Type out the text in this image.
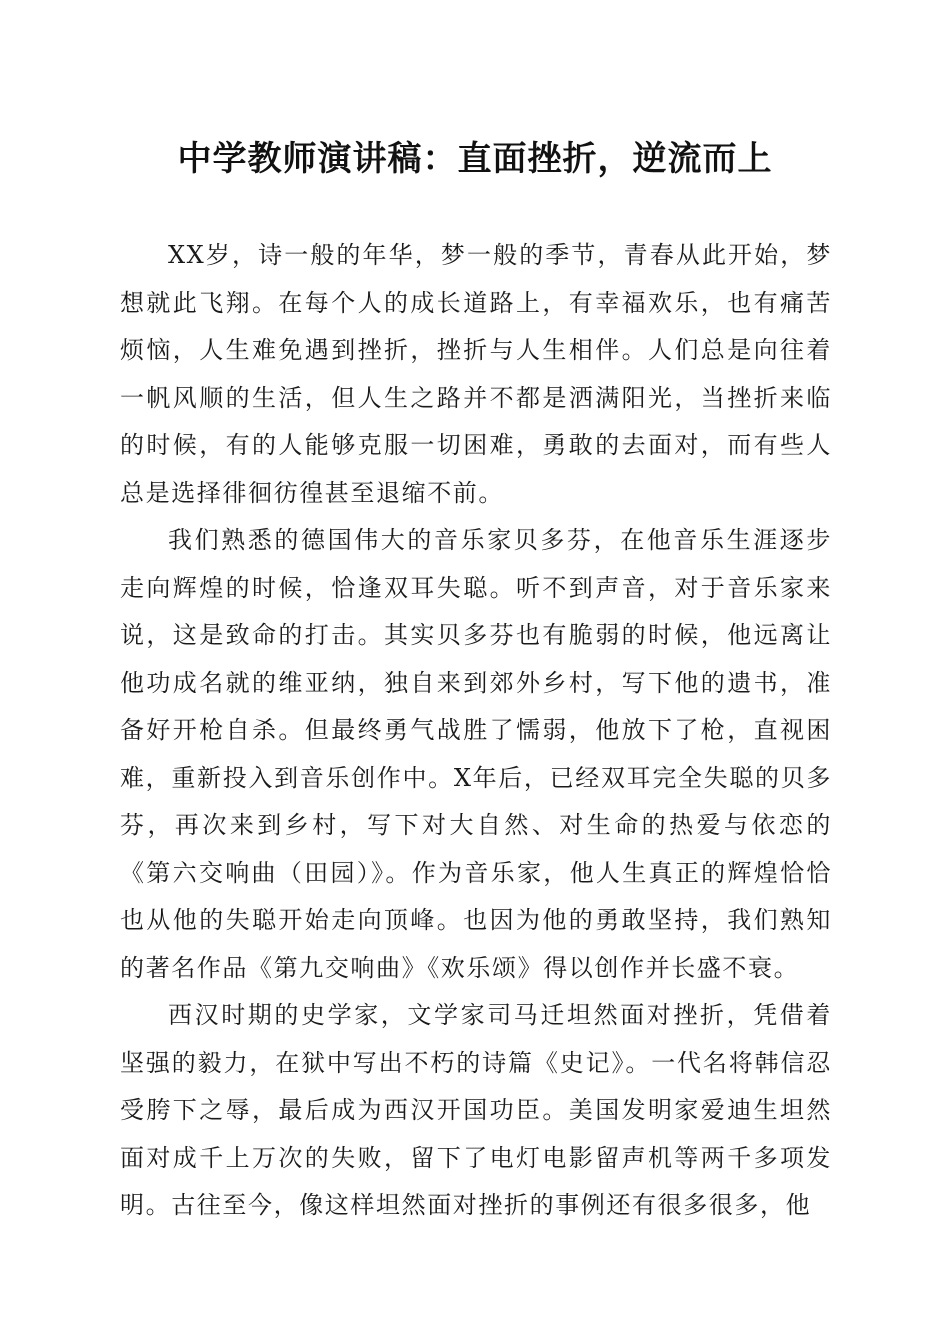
中学教师演讲稿：直面挫折，逆流而上

XX岁，诗一般的年华，梦一般的季节，青春从此开始，梦想就此飞翔。在每个人的成长道路上，有幸福欢乐，也有痛苦烦恼，人生难免遇到挫折，挫折与人生相伴。人们总是向往着一帆风顺的生活，但人生之路并不都是洒满阳光，当挫折来临的时候，有的人能够克服一切困难，勇敢的去面对，而有些人总是选择徘徊彷徨甚至退缩不前。

我们熟悉的德国伟大的音乐家贝多芬，在他音乐生涯逐步走向辉煌的时候，恰逢双耳失聪。听不到声音，对于音乐家来说，这是致命的打击。其实贝多芬也有脆弱的时候，他远离让他功成名就的维亚纳，独自来到郊外乡村，写下他的遗书，准备好开枪自杀。但最终勇气战胜了懦弱，他放下了枪，直视困难，重新投入到音乐创作中。X年后，已经双耳完全失聪的贝多芬，再次来到乡村，写下对大自然、对生命的热爱与依恋的《第六交响曲（田园）》。作为音乐家，他人生真正的辉煌恰恰也从他的失聪开始走向顶峰。也因为他的勇敢坚持，我们熟知的著名作品《第九交响曲》《欢乐颂》得以创作并长盛不衰。

西汉时期的史学家，文学家司马迁坦然面对挫折，凭借着坚强的毅力，在狱中写出不朽的诗篇《史记》。一代名将韩信忍受胯下之辱，最后成为西汉开国功臣。美国发明家爱迪生坦然面对成千上万次的失败，留下了电灯电影留声机等两千多项发明。古往至今，像这样坦然面对挫折的事例还有很多很多，他
